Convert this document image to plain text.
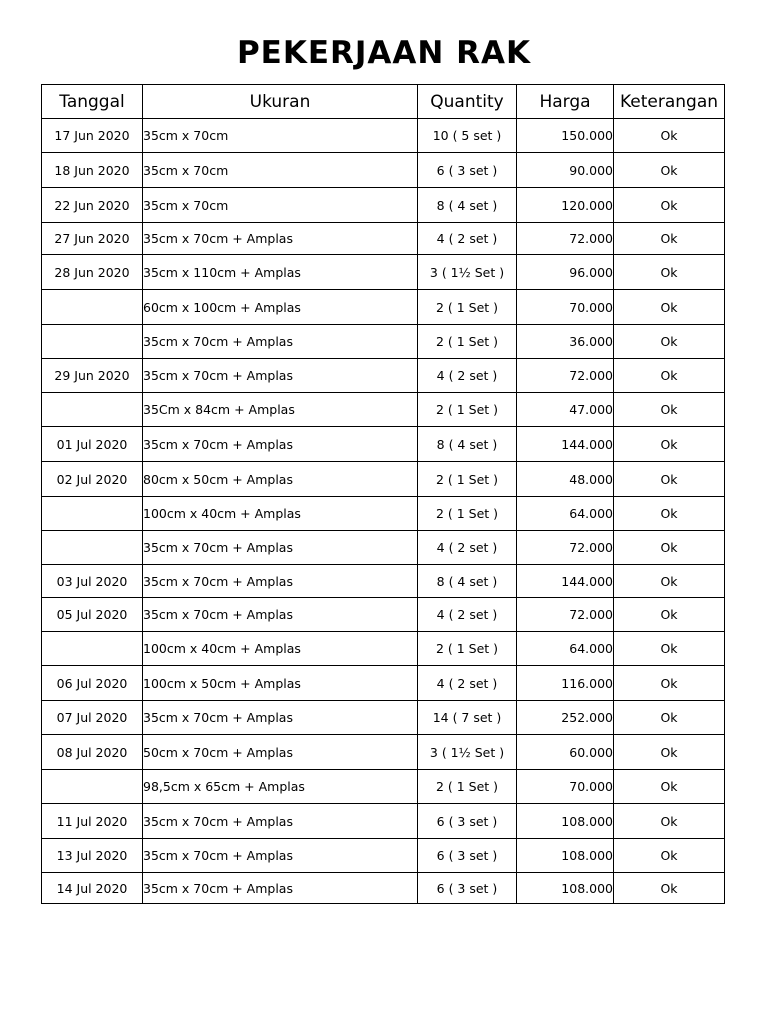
PEKERJAAN RAK
Tanggal	Ukuran	Quantity	Harga	Keterangan
17 Jun 2020	35cm x 70cm	10 ( 5 set )	150.000	Ok
18 Jun 2020	35cm x 70cm	6 ( 3 set )	90.000	Ok
22 Jun 2020	35cm x 70cm	8 ( 4 set )	120.000	Ok
27 Jun 2020	35cm x 70cm + Amplas	4 ( 2 set )	72.000	Ok
28 Jun 2020	35cm x 110cm + Amplas	3 ( 1½ Set )	96.000	Ok
	60cm x 100cm + Amplas	2 ( 1 Set )	70.000	Ok
	35cm x 70cm + Amplas	2 ( 1 Set )	36.000	Ok
29 Jun 2020	35cm x 70cm + Amplas	4 ( 2 set )	72.000	Ok
	35Cm x 84cm + Amplas	2 ( 1 Set )	47.000	Ok
01 Jul 2020	35cm x 70cm + Amplas	8 ( 4 set )	144.000	Ok
02 Jul 2020	80cm x 50cm + Amplas	2 ( 1 Set )	48.000	Ok
	100cm x 40cm + Amplas	2 ( 1 Set )	64.000	Ok
	35cm x 70cm + Amplas	4 ( 2 set )	72.000	Ok
03 Jul 2020	35cm x 70cm + Amplas	8 ( 4 set )	144.000	Ok
05 Jul 2020	35cm x 70cm + Amplas	4 ( 2 set )	72.000	Ok
	100cm x 40cm + Amplas	2 ( 1 Set )	64.000	Ok
06 Jul 2020	100cm x 50cm + Amplas	4 ( 2 set )	116.000	Ok
07 Jul 2020	35cm x 70cm + Amplas	14 ( 7 set )	252.000	Ok
08 Jul 2020	50cm x 70cm + Amplas	3 ( 1½ Set )	60.000	Ok
	98,5cm x 65cm + Amplas	2 ( 1 Set )	70.000	Ok
11 Jul 2020	35cm x 70cm + Amplas	6 ( 3 set )	108.000	Ok
13 Jul 2020	35cm x 70cm + Amplas	6 ( 3 set )	108.000	Ok
14 Jul 2020	35cm x 70cm + Amplas	6 ( 3 set )	108.000	Ok
